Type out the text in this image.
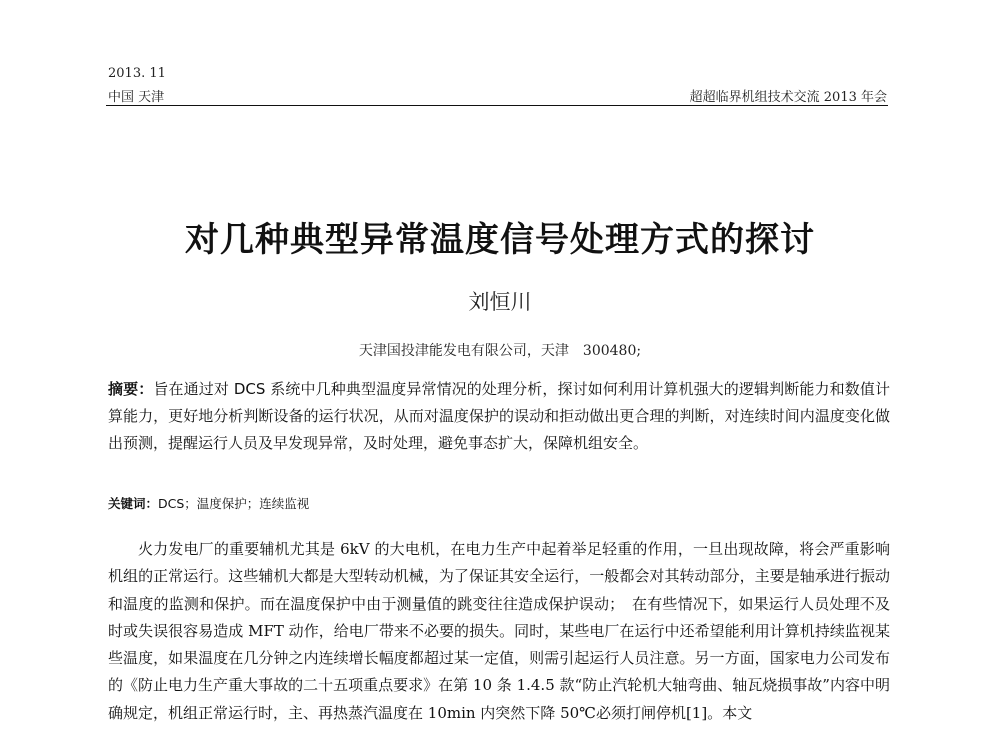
2013. 11
中国 天津	超超临界机组技术交流 2013 年会
对几种典型异常温度信号处理方式的探讨
刘恒川
天津国投津能发电有限公司，天津　300480;
摘要：旨在通过对 DCS 系统中几种典型温度异常情况的处理分析，探讨如何利用计算机强大的逻辑判断能力和数值计算能力，更好地分析判断设备的运行状况，从而对温度保护的误动和拒动做出更合理的判断，对连续时间内温度变化做出预测，提醒运行人员及早发现异常，及时处理，避免事态扩大，保障机组安全。
关键词：DCS；温度保护；连续监视
火力发电厂的重要辅机尤其是 6kV 的大电机，在电力生产中起着举足轻重的作用，一旦出现故障，将会严重影响机组的正常运行。这些辅机大都是大型转动机械，为了保证其安全运行，一般都会对其转动部分，主要是轴承进行振动和温度的监测和保护。而在温度保护中由于测量值的跳变往往造成保护误动；　在有些情况下，如果运行人员处理不及时或失误很容易造成 MFT 动作，给电厂带来不必要的损失。同时，某些电厂在运行中还希望能利用计算机持续监视某些温度，如果温度在几分钟之内连续增长幅度都超过某一定值，则需引起运行人员注意。另一方面，国家电力公司发布的《防止电力生产重大事故的二十五项重点要求》在第 10 条 1.4.5 款“防止汽轮机大轴弯曲、轴瓦烧损事故”内容中明确规定，机组正常运行时，主、再热蒸汽温度在 10min 内突然下降 50℃必须打闸停机[1]。本文
